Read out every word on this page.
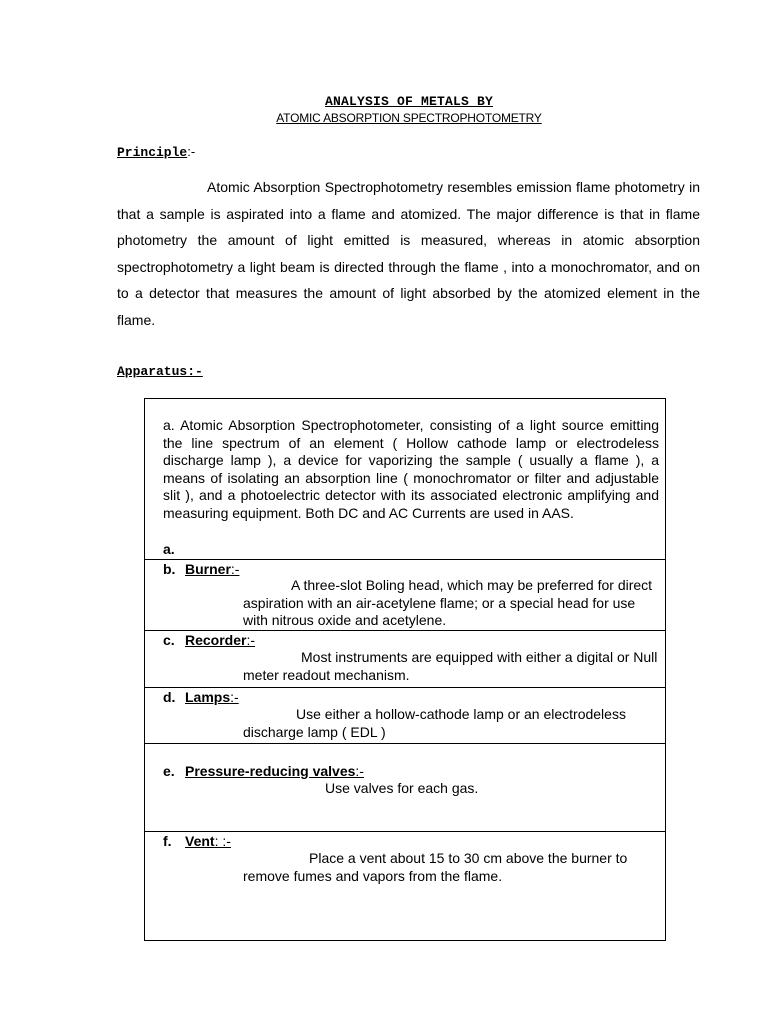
ANALYSIS OF METALS BY
ATOMIC ABSORPTION SPECTROPHOTOMETRY
Principle:-
Atomic Absorption Spectrophotometry resembles emission flame photometry in that a sample is aspirated into a flame and atomized. The major difference is that in flame photometry the amount of light emitted is measured, whereas in atomic absorption spectrophotometry a light beam is directed through the flame , into a monochromator, and on to a detector that measures the amount of light absorbed by the atomized element in the flame.
Apparatus:-
a. Atomic Absorption Spectrophotometer, consisting of a light source emitting the line spectrum of an element ( Hollow cathode lamp or electrodeless discharge lamp ), a device for vaporizing the sample ( usually a flame ), a means of isolating an absorption line ( monochromator or filter and adjustable slit ), and a photoelectric detector with its associated electronic amplifying and measuring equipment. Both DC and AC Currents are used in AAS.
a.

b. Burner:-
A three-slot Boling head, which may be preferred for direct aspiration with an air-acetylene flame; or a special head for use with nitrous oxide and acetylene.

c. Recorder:-
Most instruments are equipped with either a digital or Null meter readout mechanism.

d. Lamps:-
Use either a hollow-cathode lamp or an electrodeless discharge lamp ( EDL )

e. Pressure-reducing valves:-
Use valves for each gas.

f. Vent: :-
Place a vent about 15 to 30 cm above the burner to remove fumes and vapors from the flame.
